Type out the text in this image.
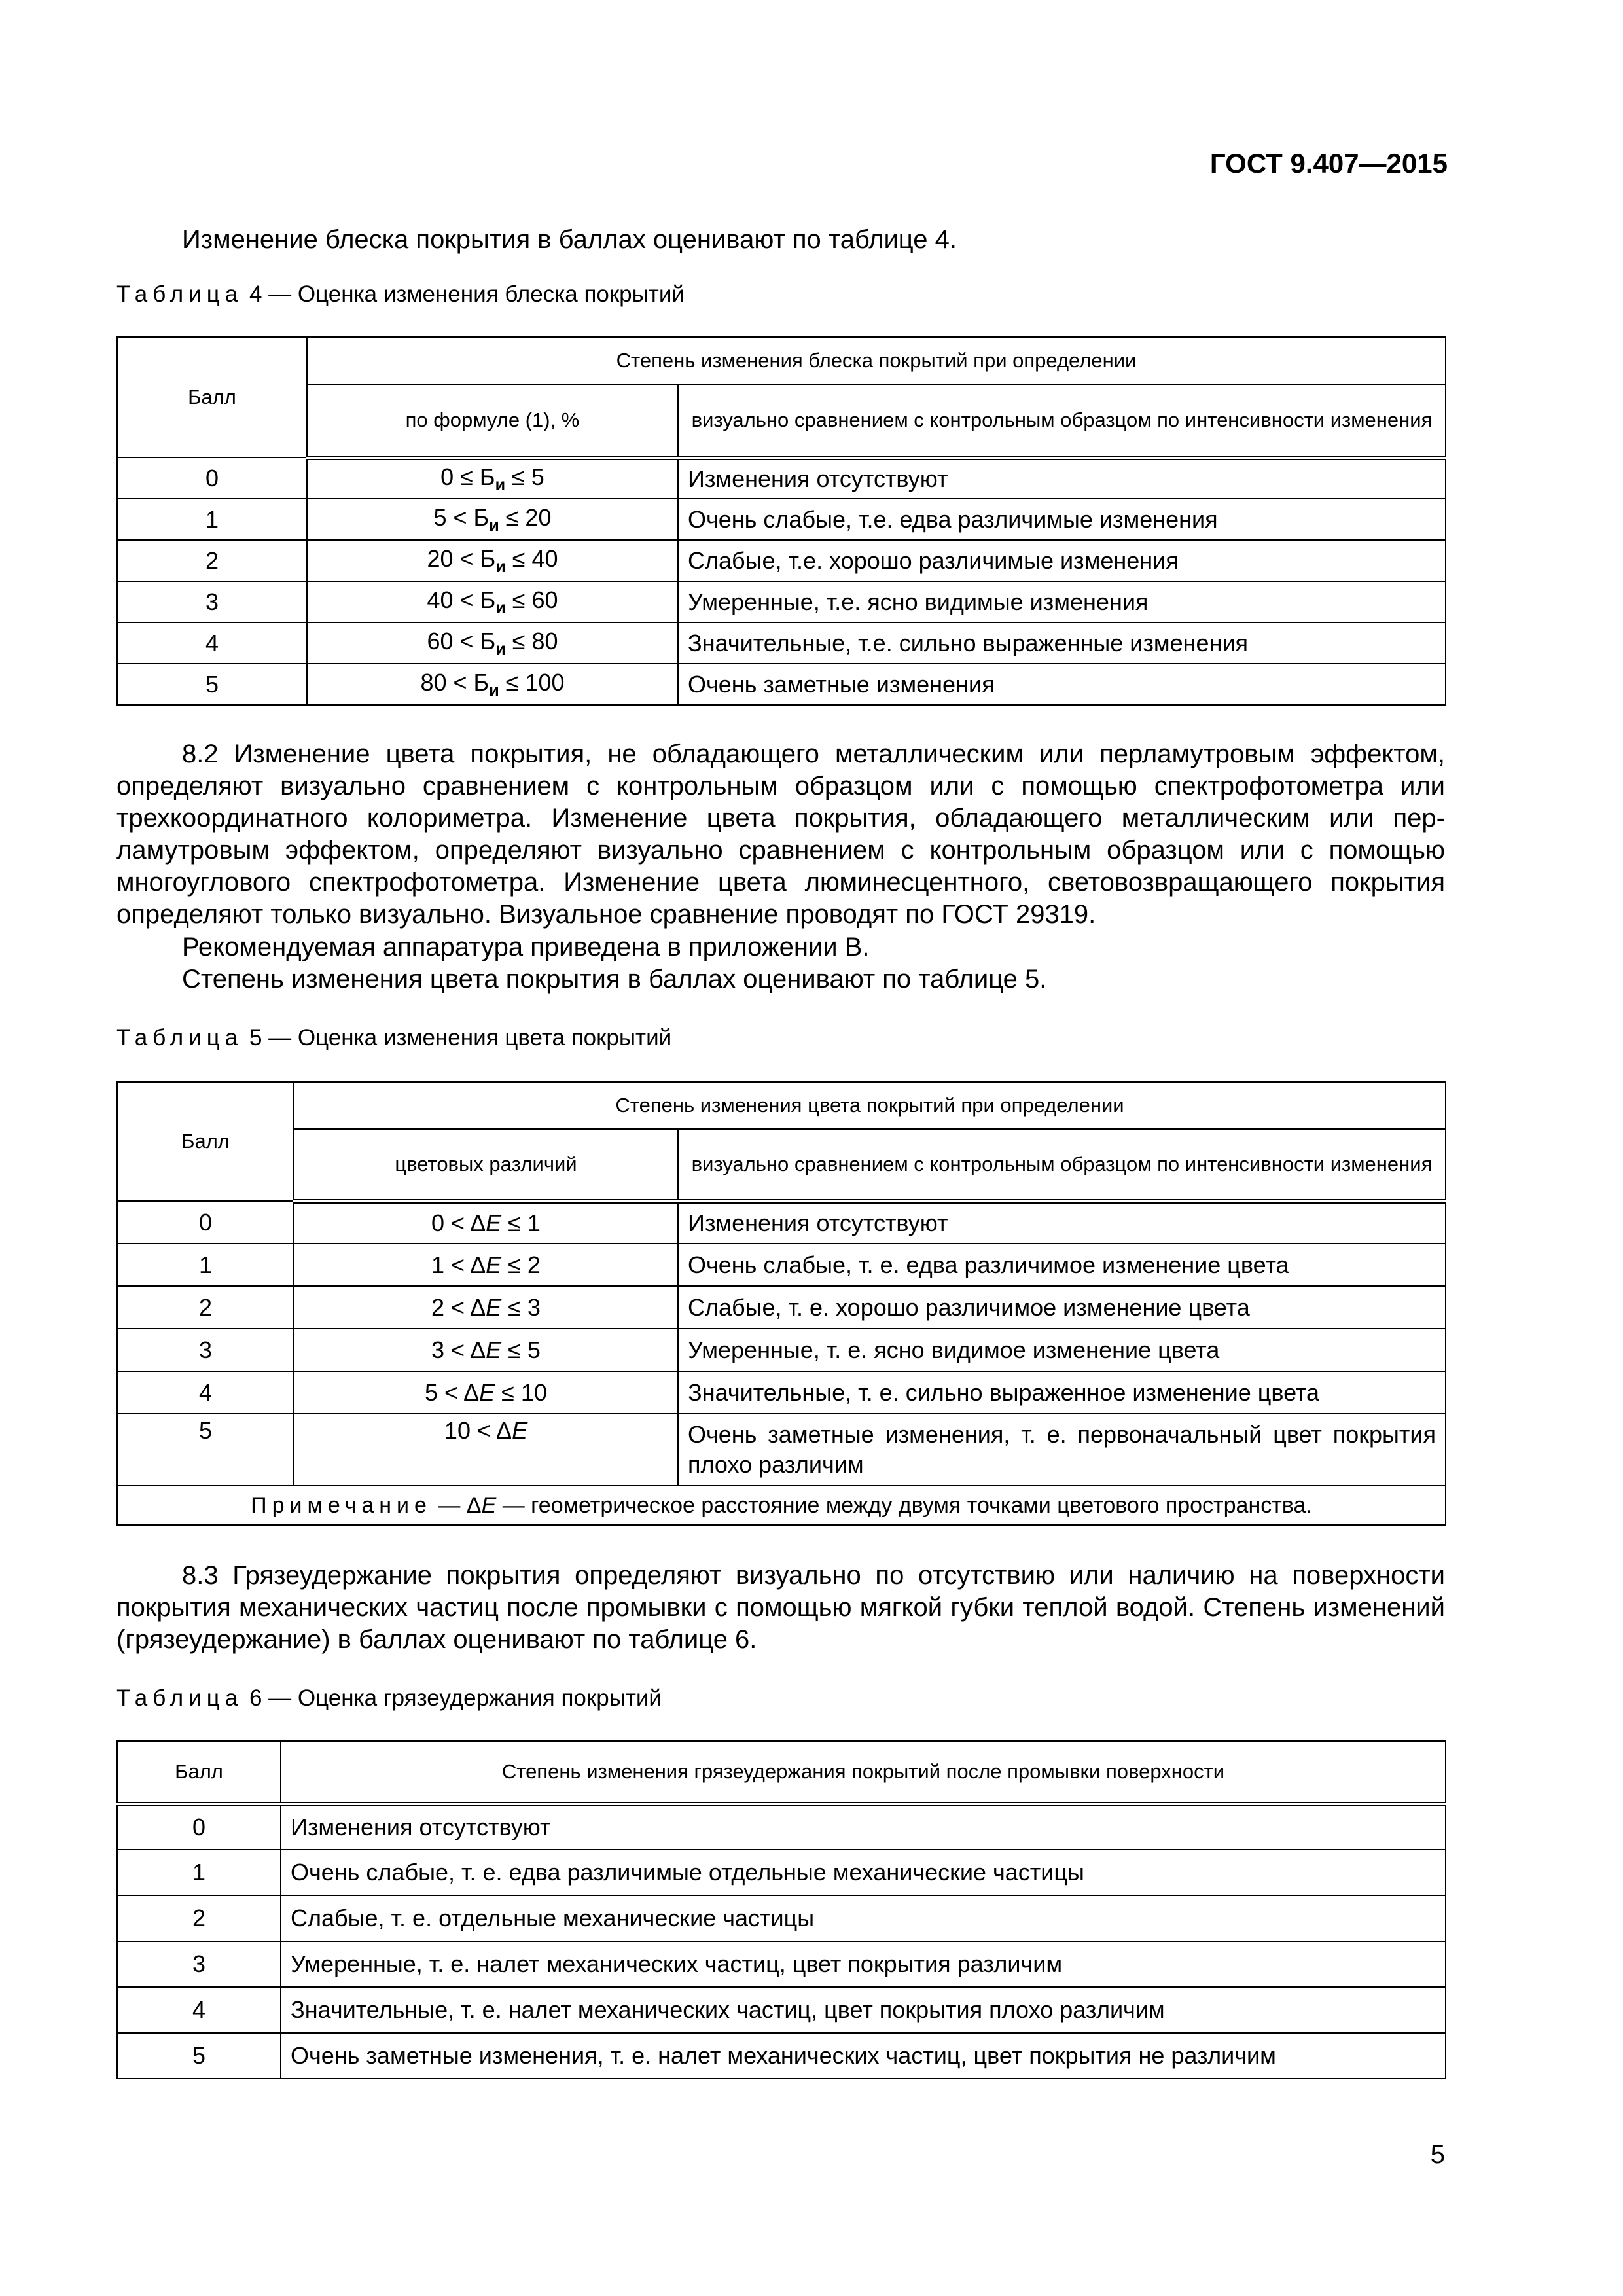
ГОСТ 9.407—2015
Изменение блеска покрытия в баллах оценивают по таблице 4.
Таблица 4 — Оценка изменения блеска покрытий
Балл	Степень изменения блеска покрытий при определении	
	по формуле (1), %	визуально сравнением с контрольным образцом по интенсивности изменения
0	$0 \le Б_и \le 5$	Изменения отсутствуют
1	$5 < Б_и \le 20$	Очень слабые, т.е. едва различимые изменения
2	$20 < Б_и \le 40$	Слабые, т.е. хорошо различимые изменения
3	$40 < Б_и \le 60$	Умеренные, т.е. ясно видимые изменения
4	$60 < Б_и \le 80$	Значительные, т.е. сильно выраженные изменения
5	$80 < Б_и \le 100$	Очень заметные изменения
8.2 Изменение цвета покрытия, не обладающего металлическим или перламутровым эффектом, определяют визуально сравнением с контрольным образцом или с помощью спектрофотометра или трехкоординатного колориметра. Изменение цвета покрытия, обладающего металлическим или перламутровым эффектом, определяют визуально сравнением с контрольным образцом или с помощью многоуглового спектрофотометра. Изменение цвета люминесцентного, световозвращающего покрытия определяют только визуально. Визуальное сравнение проводят по ГОСТ 29319.
Рекомендуемая аппаратура приведена в приложении В.
Степень изменения цвета покрытия в баллах оценивают по таблице 5.
Таблица 5 — Оценка изменения цвета покрытий
Балл	Степень изменения цвета покрытий при определении	
	цветовых различий	визуально сравнением с контрольным образцом по интенсивности изменения
0	0 < ΔE ≤ 1	Изменения отсутствуют
1	1 < ΔE ≤ 2	Очень слабые, т. е. едва различимое изменение цвета
2	2 < ΔE ≤ 3	Слабые, т. е. хорошо различимое изменение цвета
3	3 < ΔE ≤ 5	Умеренные, т. е. ясно видимое изменение цвета
4	5 < ΔE ≤ 10	Значительные, т. е. сильно выраженное изменение цвета
5	10 < ΔE	Очень заметные изменения, т. е. первоначальный цвет покрытия плохо различим
Примечание — ΔE — геометрическое расстояние между двумя точками цветового пространства.		
8.3 Грязеудержание покрытия определяют визуально по отсутствию или наличию на поверхности покрытия механических частиц после промывки с помощью мягкой губки теплой водой. Степень изменений (грязеудержание) в баллах оценивают по таблице 6.
Таблица 6 — Оценка грязеудержания покрытий
Балл	Степень изменения грязеудержания покрытий после промывки поверхности
0	Изменения отсутствуют
1	Очень слабые, т. е. едва различимые отдельные механические частицы
2	Слабые, т. е. отдельные механические частицы
3	Умеренные, т. е. налет механических частиц, цвет покрытия различим
4	Значительные, т. е. налет механических частиц, цвет покрытия плохо различим
5	Очень заметные изменения, т. е. налет механических частиц, цвет покрытия не различим
5
